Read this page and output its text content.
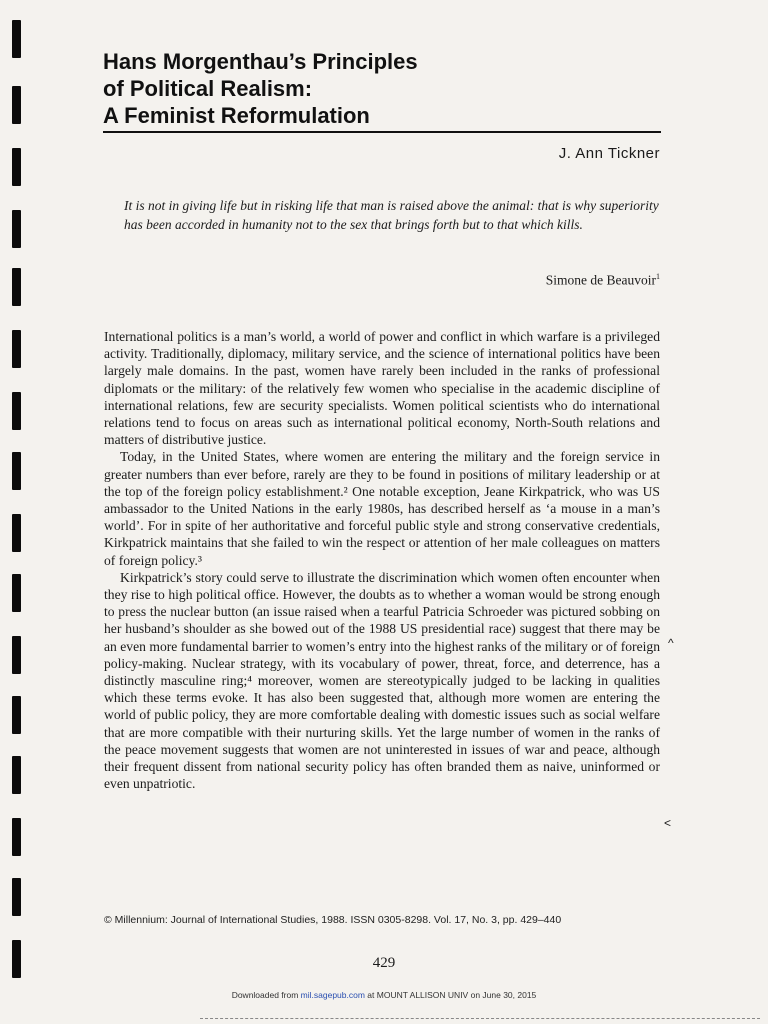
Hans Morgenthau’s Principles
of Political Realism:
A Feminist Reformulation
J. Ann Tickner
It is not in giving life but in risking life that man is raised above the animal: that is why superiority has been accorded in humanity not to the sex that brings forth but to that which kills.
Simone de Beauvoir$^1$

International politics is a man’s world, a world of power and conflict in which warfare is a privileged activity. Traditionally, diplomacy, military service, and the science of international politics have been largely male domains. In the past, women have rarely been included in the ranks of professional diplomats or the military: of the relatively few women who specialise in the academic discipline of international relations, few are security specialists. Women political scientists who do international relations tend to focus on areas such as international political economy, North-South relations and matters of distributive justice.

Today, in the United States, where women are entering the military and the foreign service in greater numbers than ever before, rarely are they to be found in positions of military leadership or at the top of the foreign policy establishment.² One notable exception, Jeane Kirkpatrick, who was US ambassador to the United Nations in the early 1980s, has described herself as ‘a mouse in a man’s world’. For in spite of her authoritative and forceful public style and strong conservative credentials, Kirkpatrick maintains that she failed to win the respect or attention of her male colleagues on matters of foreign policy.³

Kirkpatrick’s story could serve to illustrate the discrimination which women often encounter when they rise to high political office. However, the doubts as to whether a woman would be strong enough to press the nuclear button (an issue raised when a tearful Patricia Schroeder was pictured sobbing on her husband’s shoulder as she bowed out of the 1988 US presidential race) suggest that there may be an even more fundamental barrier to women’s entry into the highest ranks of the military or of foreign policy-making. Nuclear strategy, with its vocabulary of power, threat, force, and deterrence, has a distinctly masculine ring;⁴ moreover, women are stereotypically judged to be lacking in qualities which these terms evoke. It has also been suggested that, although more women are entering the world of public policy, they are more comfortable dealing with domestic issues such as social welfare that are more compatible with their nurturing skills. Yet the large number of women in the ranks of the peace movement suggests that women are not uninterested in issues of war and peace, although their frequent dissent from national security policy has often branded them as naive, uninformed or even unpatriotic.

^
<
© Millennium: Journal of International Studies, 1988. ISSN 0305-8298. Vol. 17, No. 3, pp. 429–440
429
Downloaded from mil.sagepub.com at MOUNT ALLISON UNIV on June 30, 2015
